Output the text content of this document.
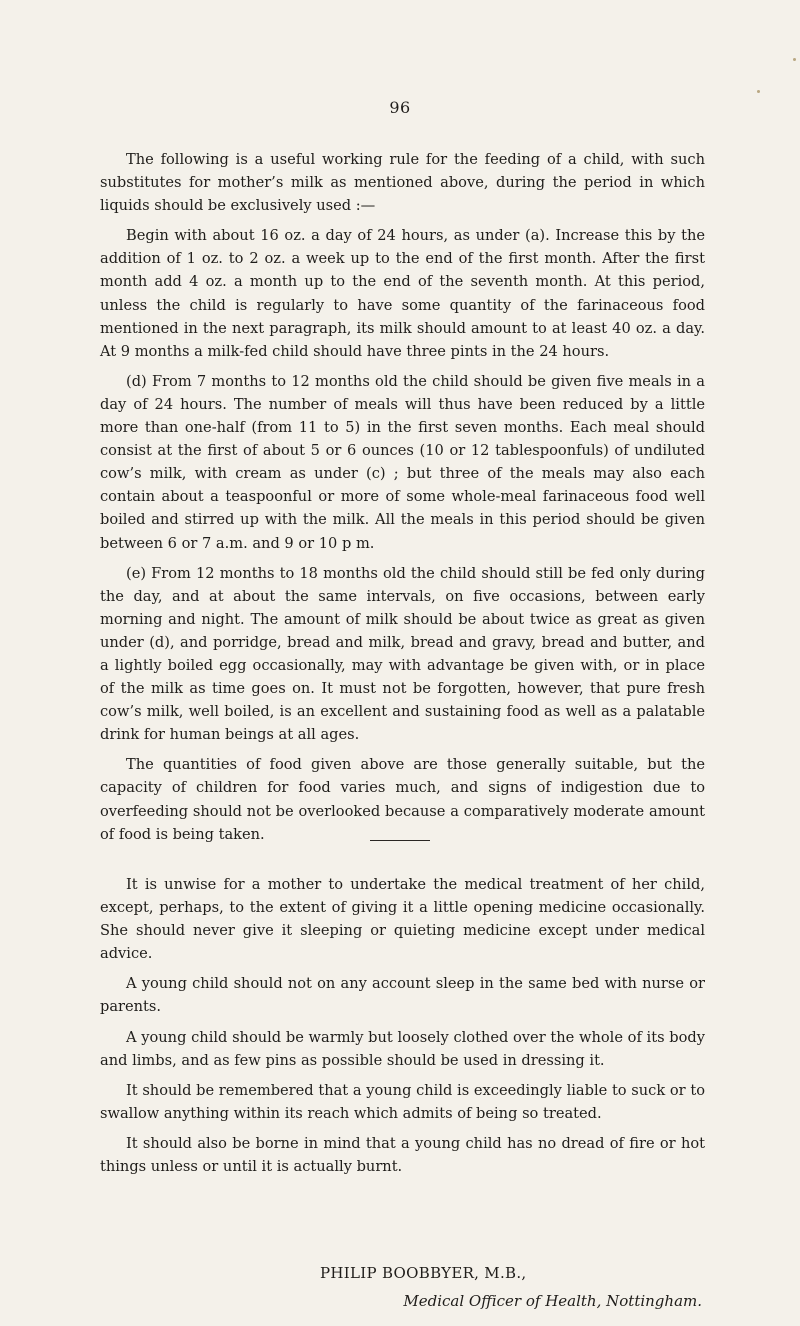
96

The following is a useful working rule for the feeding of a child, with such substitutes for mother’s milk as mentioned above, during the period in which liquids should be exclusively used :—

Begin with about 16 oz. a day of 24 hours, as under (a). Increase this by the addition of 1 oz. to 2 oz. a week up to the end of the first month. After the first month add 4 oz. a month up to the end of the seventh month. At this period, unless the child is regularly to have some quantity of the farinaceous food mentioned in the next paragraph, its milk should amount to at least 40 oz. a day. At 9 months a milk-fed child should have three pints in the 24 hours.

(d) From 7 months to 12 months old the child should be given five meals in a day of 24 hours. The number of meals will thus have been reduced by a little more than one-half (from 11 to 5) in the first seven months. Each meal should consist at the first of about 5 or 6 ounces (10 or 12 tablespoonfuls) of undiluted cow’s milk, with cream as under (c) ; but three of the meals may also each contain about a teaspoonful or more of some whole-meal farinaceous food well boiled and stirred up with the milk. All the meals in this period should be given between 6 or 7 a.m. and 9 or 10 p m.

(e) From 12 months to 18 months old the child should still be fed only during the day, and at about the same intervals, on five occasions, between early morning and night. The amount of milk should be about twice as great as given under (d), and porridge, bread and milk, bread and gravy, bread and butter, and a lightly boiled egg occasionally, may with advantage be given with, or in place of the milk as time goes on. It must not be forgotten, however, that pure fresh cow’s milk, well boiled, is an excellent and sustaining food as well as a palatable drink for human beings at all ages.

The quantities of food given above are those generally suitable, but the capacity of children for food varies much, and signs of indigestion due to overfeeding should not be overlooked because a comparatively moderate amount of food is being taken.

It is unwise for a mother to undertake the medical treatment of her child, except, perhaps, to the extent of giving it a little opening medicine occasionally. She should never give it sleeping or quieting medicine except under medical advice.

A young child should not on any account sleep in the same bed with nurse or parents.

A young child should be warmly but loosely clothed over the whole of its body and limbs, and as few pins as possible should be used in dressing it.

It should be remembered that a young child is exceedingly liable to suck or to swallow anything within its reach which admits of being so treated.

It should also be borne in mind that a young child has no dread of fire or hot things unless or until it is actually burnt.

PHILIP BOOBBYER, M.B.,
Medical Officer of Health, Nottingham.
